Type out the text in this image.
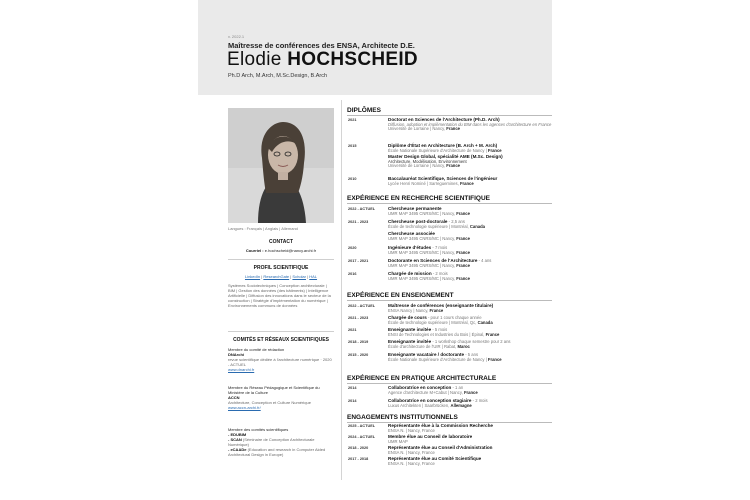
v. 2022.1
Maîtresse de conférences des ENSA, Architecte D.E.
Elodie HOCHSCHEID
Ph.D Arch, M.Arch, M.Sc.Design, B.Arch
Langues : Français | Anglais | Allemand
CONTACT
Courriel : e.hochscheid@nancy.archi.fr
PROFIL SCIENTIFIQUE
LinkedIn | ResearchGate | Scholar | HAL
Systèmes Sociotechniques | Conception architecturale | BIM | Gestion des données (des bâtiments) | Intelligence Artificielle | Diffusion des innovations dans le secteur de la construction | Stratégie d'implémentation du numérique | Environnements communs de données
COMITÉS ET RÉSEAUX SCIENTIFIQUES
Membre du comité de rédaction
DNArchi
revue scientifique dédiée à l'architecture numérique · 2020 - ACTUEL
www.dnarchi.fr
Membre du Réseau Pédagogique et Scientifique du Ministère de la Culture
ACCN
Architecture, Conception et Culture Numérique
www.accn-archi.fr/
Membre des comités scientifiques
- EDUBIM
- SCAN (Séminaire de Conception Architecturale Numérique)
- eCAADe (Education and research in Computer Aided Architectural Design in Europe)
DIPLÔMES
2021	Doctorat en Sciences de l'Architecture (Ph.D. Arch)
Diffusion, adoption et implémentation du BIM dans les agences d'architecture en France
Université de Lorraine | Nancy, France
2015	Diplôme d'État en Architecture (B. Arch + M. Arch)
École Nationale Supérieure d'Architecture de Nancy | France
Master Design Global, spécialité AME (M.Sc. Design)
Architecture, Modélisation, Environnement
Université de Lorraine | Nancy, France
2010	Baccalauréat Scientifique, Sciences de l'ingénieur
Lycée Henri Nominé | Sarreguemines, France
EXPÉRIENCE EN RECHERCHE SCIENTIFIQUE
2022 - ACTUEL	Chercheuse permanente
UMR MAP 3495 CNRS/MC | Nancy, France
2021 - 2023	Chercheuse post-doctorale - 2,5 ans
École de technologie supérieure | Montréal, Canada
Chercheuse associée
UMR MAP 3495 CNRS/MC | Nancy, France
2020	Ingénieure d'études - 7 mois
UMR MAP 3495 CNRS/MC | Nancy, France
2017 - 2021	Doctorante en Sciences de l'Architecture - 4 ans
UMR MAP 3495 CNRS/MC | Nancy, France
2016	Chargée de mission - 2 mois
UMR MAP 3495 CNRS/MC | Nancy, France
EXPÉRIENCE EN ENSEIGNEMENT
2022 - ACTUEL	Maîtresse de conférences (enseignante titulaire)
ENSA Nancy | Nancy, France
2021 - 2023	Chargée de cours - pour 1 cours chaque année
École de technologie supérieure | Montréal, Qc, Canada
2021	Enseignante invitée - 5 mois
ENSI de Technologies et Industries du Bois | Épinal, France
2018 - 2019	Enseignante invitée - 1 workshop chaque semestre pour 2 ans
École d'architecture de l'UIR | Rabat, Maroc
2015 - 2020	Enseignante vacataire / doctorante - 5 ans
École Nationale Supérieure d'Architecture de Nancy | France
EXPÉRIENCE EN PRATIQUE ARCHITECTURALE
2014	Collaboratrice en conception - 1 an
Agence d'architecture M+Cabut | Nancy, France
2014	Collaboratrice en conception stagiaire - 2 mois
Luxus Architekten | Saarbrücken, Allemagne
ENGAGEMENTS INSTITUTIONNELS
2025 - ACTUEL	Représentante élue à la Commission Recherche
ENSA N. | Nancy, France
2024 - ACTUEL	Membre élue au Conseil de laboratoire
UMR MAP
2018 - 2020	Représentante élue au Conseil d'Administration
ENSA N. | Nancy, France
2017 - 2018	Représentante élue au Comité Scientifique
ENSA N. | Nancy, France
